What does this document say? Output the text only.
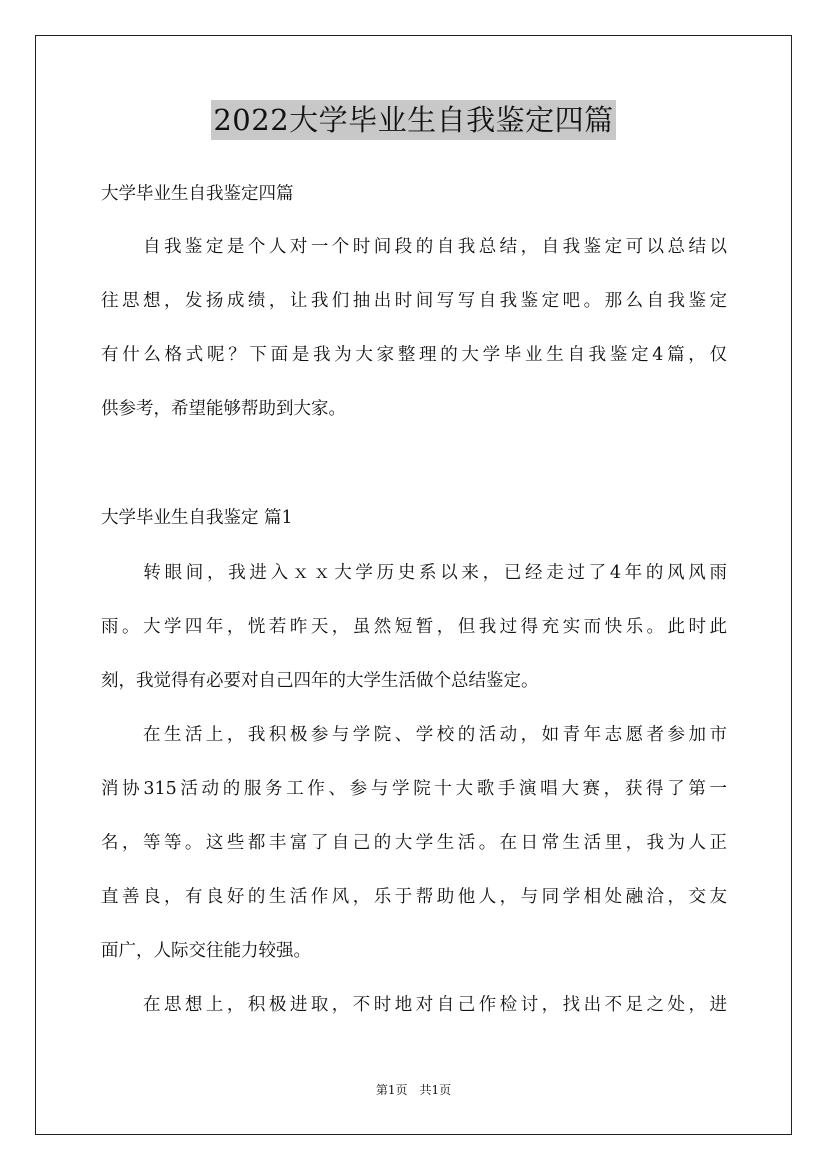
2022大学毕业生自我鉴定四篇
大学毕业生自我鉴定四篇
　　自我鉴定是个人对一个时间段的自我总结，自我鉴定可以总结以
往思想，发扬成绩，让我们抽出时间写写自我鉴定吧。那么自我鉴定
有什么格式呢？下面是我为大家整理的大学毕业生自我鉴定4篇，仅
供参考，希望能够帮助到大家。
大学毕业生自我鉴定 篇1
　　转眼间，我进入ｘｘ大学历史系以来，已经走过了4年的风风雨
雨。大学四年，恍若昨天，虽然短暂，但我过得充实而快乐。此时此
刻，我觉得有必要对自己四年的大学生活做个总结鉴定。
　　在生活上，我积极参与学院、学校的活动，如青年志愿者参加市
消协315活动的服务工作、参与学院十大歌手演唱大赛，获得了第一
名，等等。这些都丰富了自己的大学生活。在日常生活里，我为人正
直善良，有良好的生活作风，乐于帮助他人，与同学相处融洽，交友
面广，人际交往能力较强。
　　在思想上，积极进取，不时地对自己作检讨，找出不足之处，进
第1页　共1页
